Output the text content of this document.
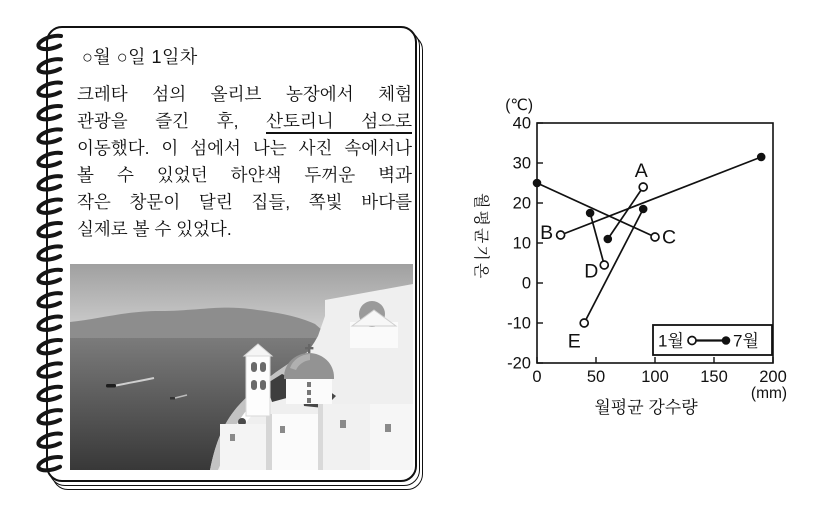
○월 ○일 1일차
크레타 섬의 올리브 농장에서 체험
관광을 즐긴 후, 산토리니 섬으로
이동했다. 이 섬에서 나는 사진 속에서나
볼 수 있었던 하얀색 두꺼운 벽과
작은 창문이 달린 집들, 쪽빛 바다를
실제로 볼 수 있었다.
-20
-10
0
10
20
30
40
0	50 100 150 200
(℃)
(mm)
월평균기온
월평균 강수량
A
B	C
D
E	1월	7월
